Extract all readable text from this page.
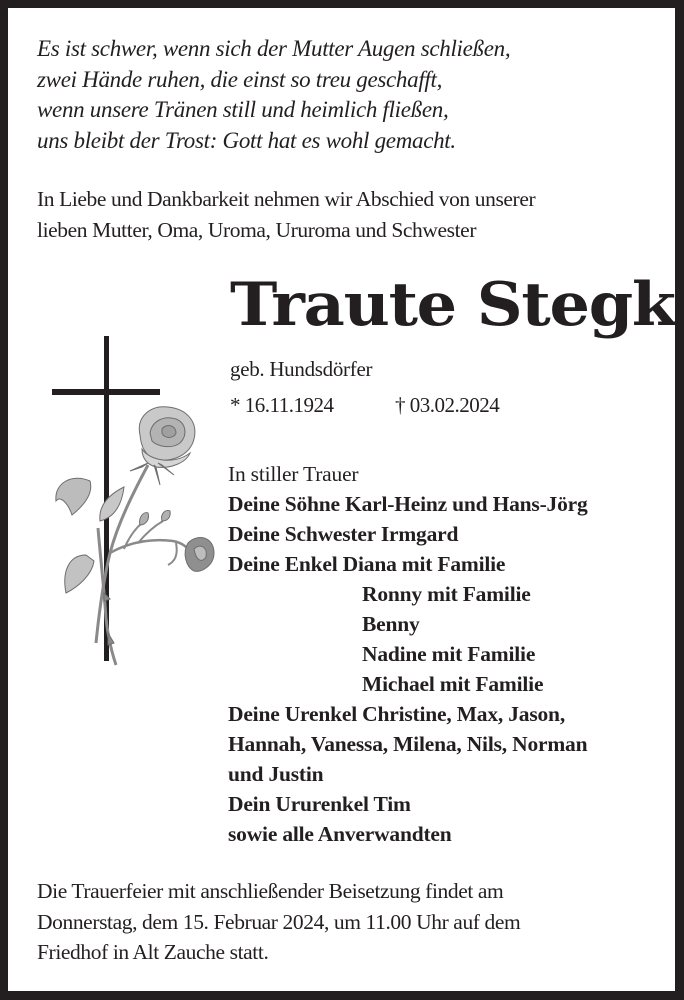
Es ist schwer, wenn sich der Mutter Augen schließen,
zwei Hände ruhen, die einst so treu geschafft,
wenn unsere Tränen still und heimlich fließen,
uns bleibt der Trost: Gott hat es wohl gemacht.
In Liebe und Dankbarkeit nehmen wir Abschied von unserer
lieben Mutter, Oma, Uroma, Ururoma und Schwester
Traute Stegk
geb. Hundsdörfer
* 16.11.1924	† 03.02.2024
In stiller Trauer
Deine Söhne Karl-Heinz und Hans-Jörg
Deine Schwester Irmgard
Deine Enkel Diana mit Familie
Ronny mit Familie
Benny
Nadine mit Familie
Michael mit Familie
Deine Urenkel Christine, Max, Jason,
Hannah, Vanessa, Milena, Nils, Norman
und Justin
Dein Ururenkel Tim
sowie alle Anverwandten
Die Trauerfeier mit anschließender Beisetzung findet am
Donnerstag, dem 15. Februar 2024, um 11.00 Uhr auf dem
Friedhof in Alt Zauche statt.
